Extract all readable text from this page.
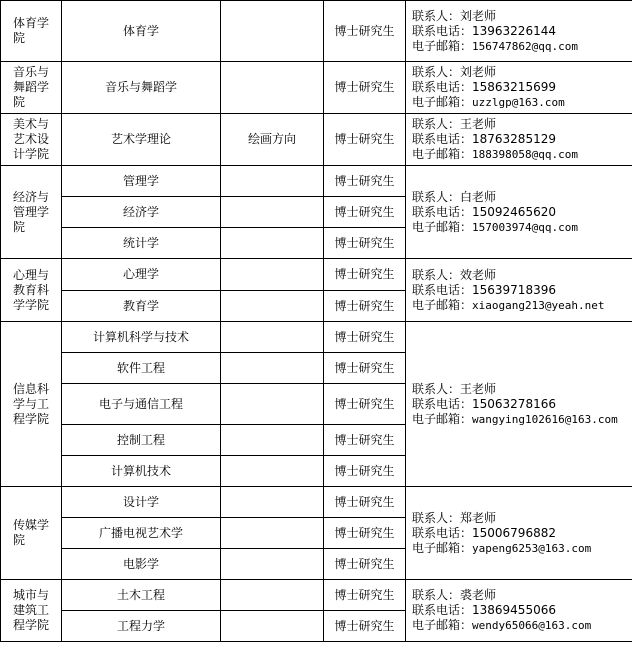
体育学院	体育学		博士研究生	联系人：刘老师
联系电话：13963226144
电子邮箱：156747862@qq.com

音乐与舞蹈学院	音乐与舞蹈学		博士研究生	联系人：刘老师
联系电话：15863215699
电子邮箱：uzzlgp@163.com

美术与艺术设计学院	艺术学理论	绘画方向	博士研究生	联系人：王老师
联系电话：18763285129
电子邮箱：188398058@qq.com

经济与管理学院	管理学		博士研究生	联系人：白老师
联系电话：15092465620
电子邮箱：157003974@qq.com

	经济学		博士研究生	
	统计学		博士研究生	
心理与教育科学学院	心理学		博士研究生	联系人：效老师
联系电话：15639718396
电子邮箱：xiaogang213@yeah.net

	教育学		博士研究生	
信息科学与工程学院	计算机科学与技术		博士研究生	联系人：王老师
联系电话：15063278166
电子邮箱：wangying102616@163.com

	软件工程		博士研究生	
	电子与通信工程		博士研究生	
	控制工程		博士研究生	
	计算机技术		博士研究生	
传媒学院	设计学		博士研究生	联系人：郑老师
联系电话：15006796882
电子邮箱：yapeng6253@163.com

	广播电视艺术学		博士研究生	
	电影学		博士研究生	
城市与建筑工程学院	土木工程		博士研究生	联系人：裘老师
联系电话：13869455066
电子邮箱：wendy65066@163.com

	工程力学		博士研究生	
